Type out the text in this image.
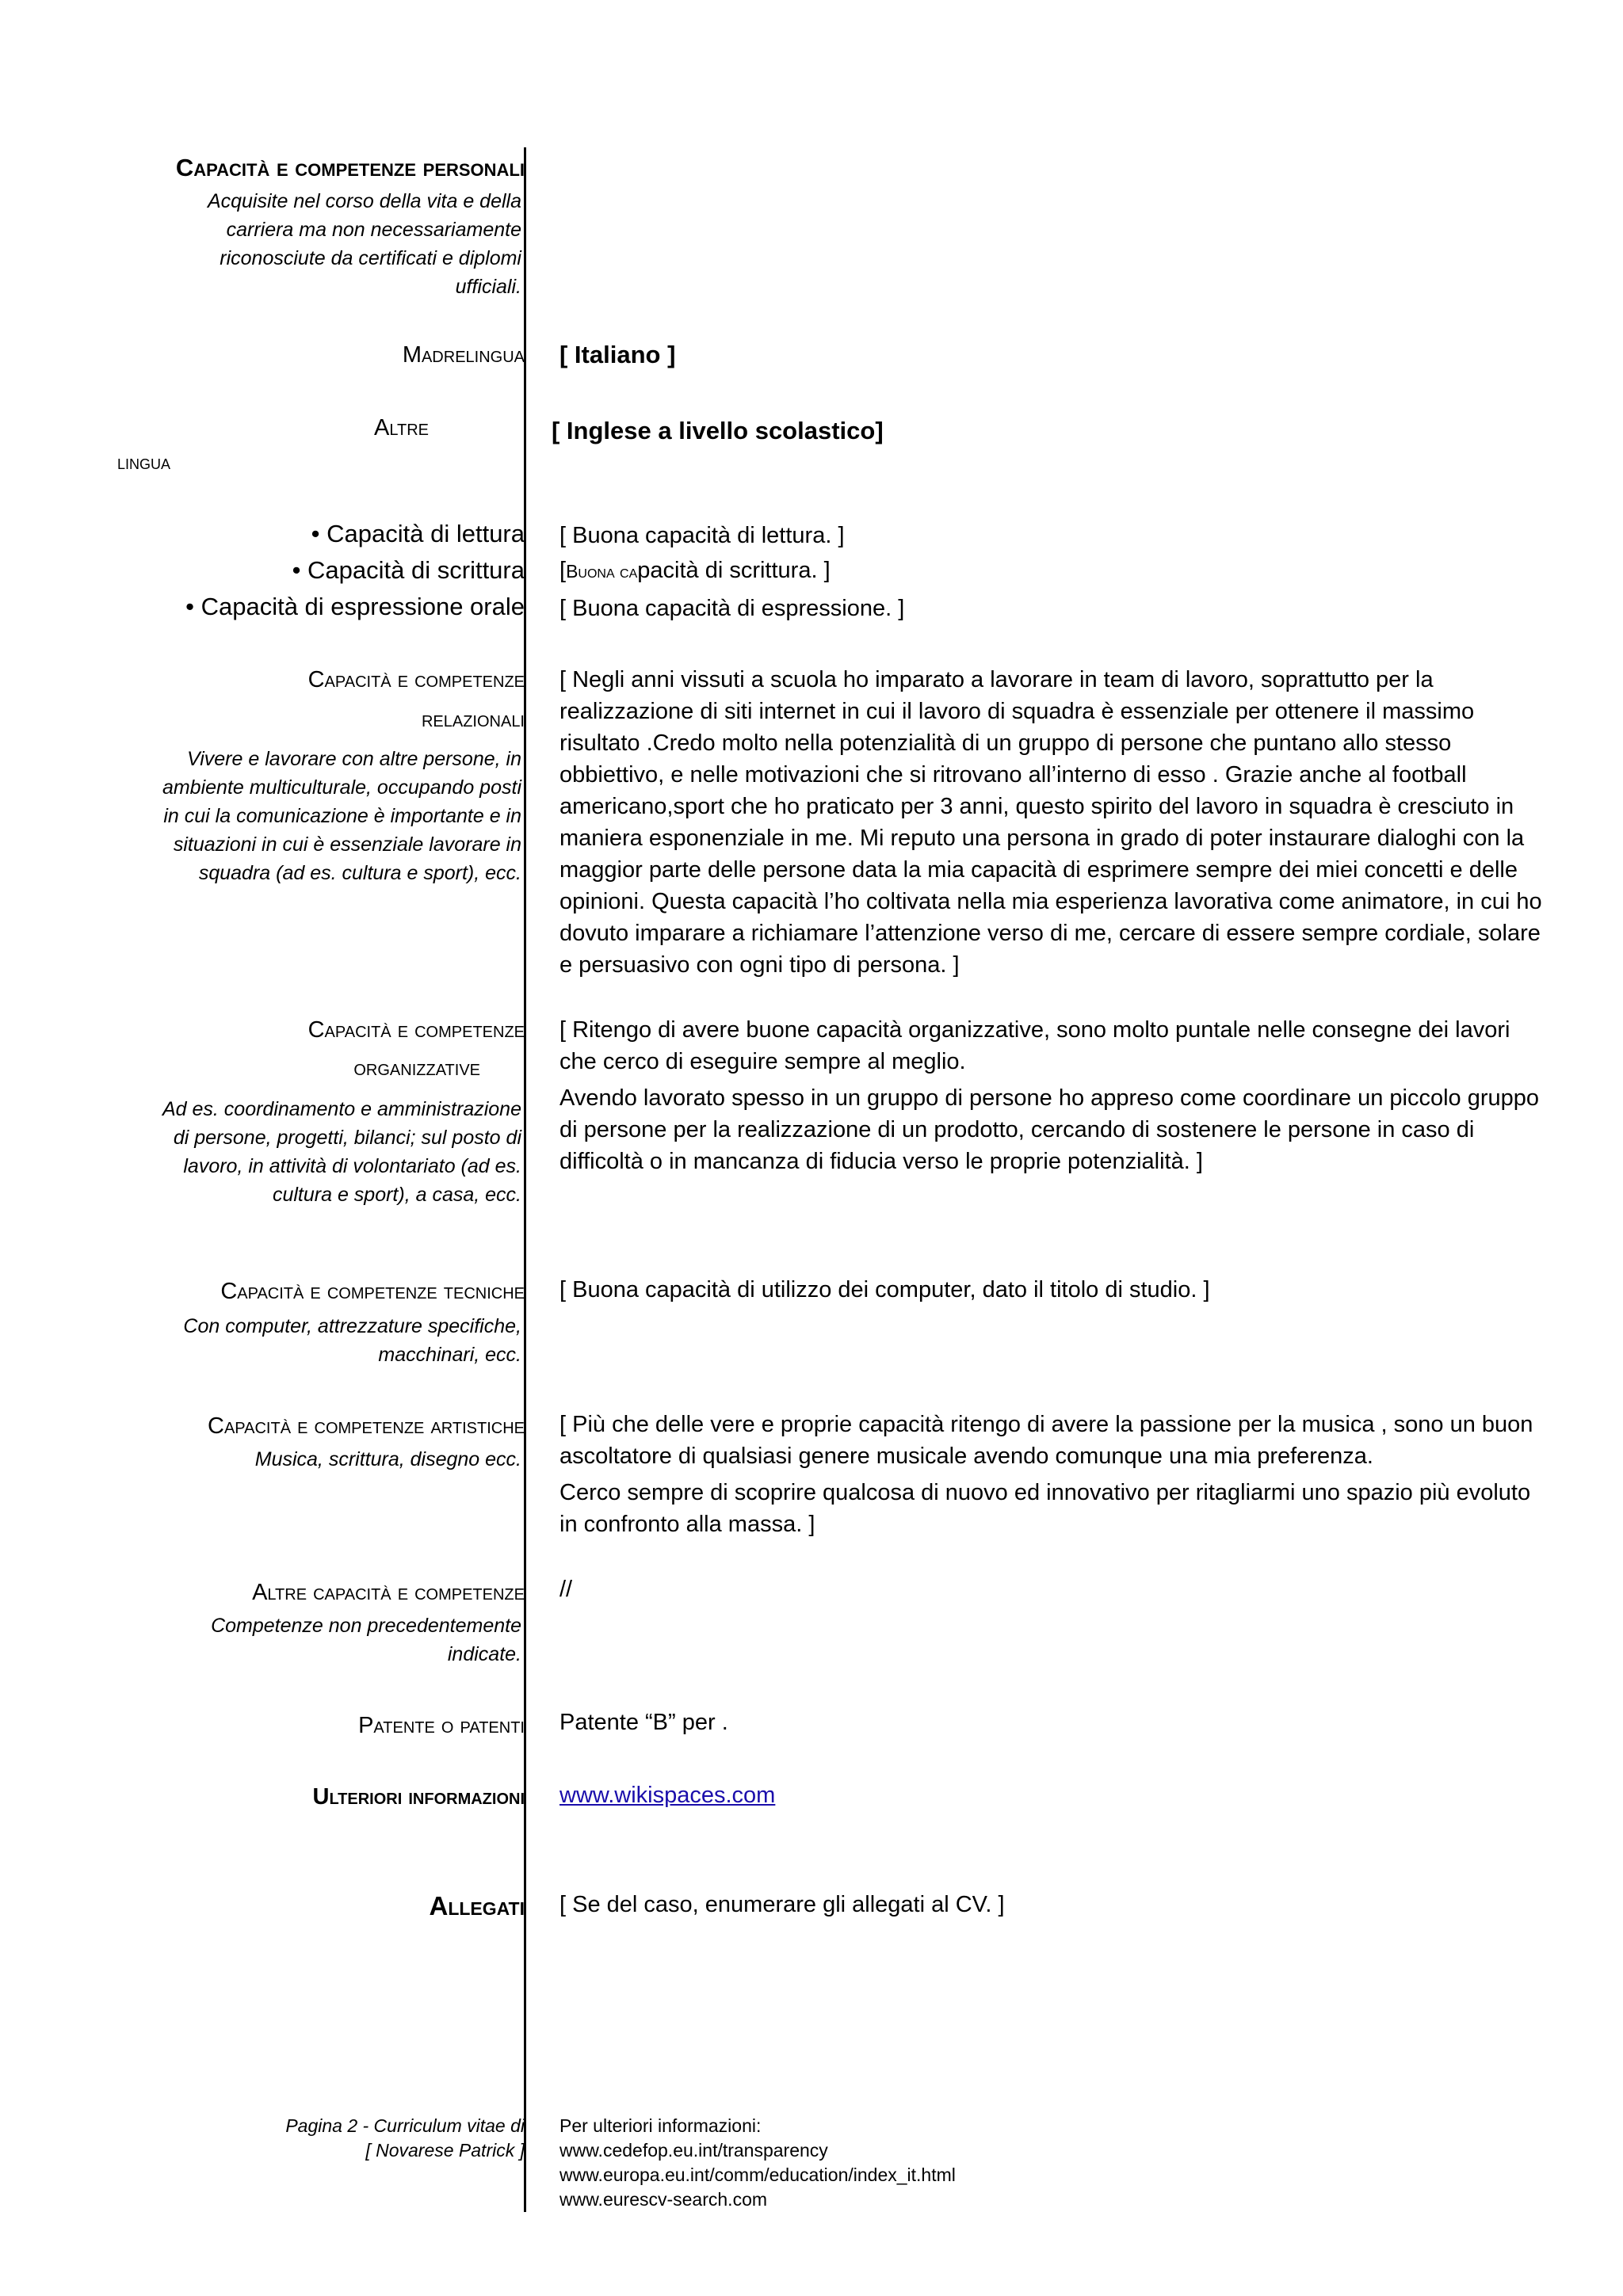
Capacità e competenze personali
Acquisite nel corso della vita e della carriera ma non necessariamente riconosciute da certificati e diplomi ufficiali.
Madrelingua [ Italiano ]
Altre
lingua
[ Inglese a livello scolastico]
• Capacità di lettura [ Buona capacità di lettura. ]
• Capacità di scrittura [Buona capacità di scrittura. ]
• Capacità di espressione orale [ Buona capacità di espressione. ]
Capacità e competenze
relazionali
Vivere e lavorare con altre persone, in ambiente multiculturale, occupando posti in cui la comunicazione è importante e in situazioni in cui è essenziale lavorare in squadra (ad es. cultura e sport), ecc.
[ Negli anni vissuti a scuola ho imparato a lavorare in team di lavoro, soprattutto per la realizzazione di siti internet in cui il lavoro di squadra è essenziale per ottenere il massimo risultato .Credo molto nella potenzialità di un gruppo di persone che puntano allo stesso obbiettivo, e nelle motivazioni che si ritrovano all’interno di esso . Grazie anche al football americano,sport che ho praticato per 3 anni, questo spirito del lavoro in squadra è cresciuto in maniera esponenziale in me. Mi reputo una persona in grado di poter instaurare dialoghi con la maggior parte delle persone data la mia capacità di esprimere sempre dei miei concetti e delle opinioni. Questa capacità l’ho coltivata nella mia esperienza lavorativa come animatore, in cui ho dovuto imparare a richiamare l’attenzione verso di me, cercare di essere sempre cordiale, solare e persuasivo con ogni tipo di persona. ]
Capacità e competenze
organizzative
Ad es. coordinamento e amministrazione di persone, progetti, bilanci; sul posto di lavoro, in attività di volontariato (ad es. cultura e sport), a casa, ecc.

[ Ritengo di avere buone capacità organizzative, sono molto puntale nelle consegne dei lavori che cerco di eseguire sempre al meglio.

Avendo lavorato spesso in un gruppo di persone ho appreso come coordinare un piccolo gruppo di persone per la realizzazione di un prodotto, cercando di sostenere le persone in caso di difficoltà o in mancanza di fiducia verso le proprie potenzialità. ]

Capacità e competenze tecniche
Con computer, attrezzature specifiche, macchinari, ecc.
[ Buona capacità di utilizzo dei computer, dato il titolo di studio. ]
Capacità e competenze artistiche
Musica, scrittura, disegno ecc.

[ Più che delle vere e proprie capacità ritengo di avere la passione per la musica , sono un buon ascoltatore di qualsiasi genere musicale avendo comunque una mia preferenza.

Cerco sempre di scoprire qualcosa di nuovo ed innovativo per ritagliarmi uno spazio più evoluto in confronto alla massa. ]

Altre capacità e competenze
Competenze non precedentemente indicate.
//
Patente o patenti Patente “B” per .
Ulteriori informazioni www.wikispaces.com
Allegati [ Se del caso, enumerare gli allegati al CV. ]
Pagina 2 - Curriculum vitae di
[ Novarese Patrick ]
Per ulteriori informazioni:
www.cedefop.eu.int/transparency
www.europa.eu.int/comm/education/index_it.html
www.eurescv-search.com
